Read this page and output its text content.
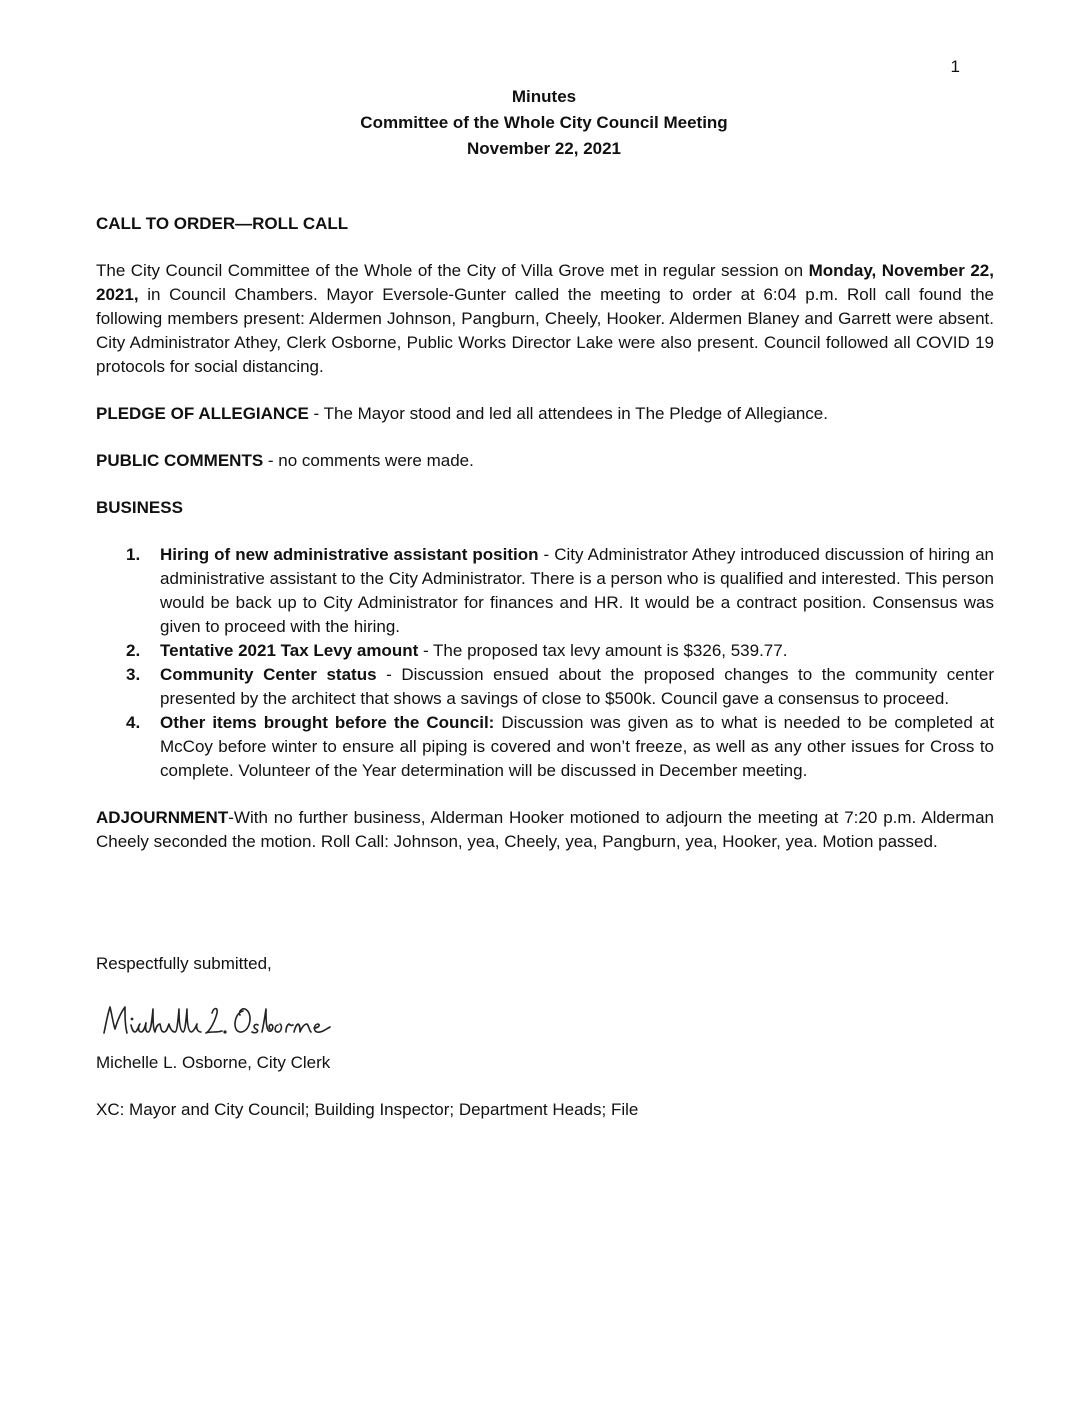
1
Minutes
Committee of the Whole City Council Meeting
November 22, 2021
CALL TO ORDER—ROLL CALL

The City Council Committee of the Whole of the City of Villa Grove met in regular session on Monday, November 22, 2021, in Council Chambers. Mayor Eversole-Gunter called the meeting to order at 6:04 p.m. Roll call found the following members present: Aldermen Johnson, Pangburn, Cheely, Hooker. Aldermen Blaney and Garrett were absent. City Administrator Athey, Clerk Osborne, Public Works Director Lake were also present. Council followed all COVID 19 protocols for social distancing.

PLEDGE OF ALLEGIANCE - The Mayor stood and led all attendees in The Pledge of Allegiance.

PUBLIC COMMENTS - no comments were made.

BUSINESS
1. Hiring of new administrative assistant position - City Administrator Athey introduced discussion of hiring an administrative assistant to the City Administrator. There is a person who is qualified and interested. This person would be back up to City Administrator for finances and HR. It would be a contract position. Consensus was given to proceed with the hiring.
2. Tentative 2021 Tax Levy amount - The proposed tax levy amount is $326, 539.77.
3. Community Center status - Discussion ensued about the proposed changes to the community center presented by the architect that shows a savings of close to $500k. Council gave a consensus to proceed.
4. Other items brought before the Council: Discussion was given as to what is needed to be completed at McCoy before winter to ensure all piping is covered and won’t freeze, as well as any other issues for Cross to complete. Volunteer of the Year determination will be discussed in December meeting.

ADJOURNMENT-With no further business, Alderman Hooker motioned to adjourn the meeting at 7:20 p.m. Alderman Cheely seconded the motion. Roll Call: Johnson, yea, Cheely, yea, Pangburn, yea, Hooker, yea. Motion passed.

Respectfully submitted,

Michelle L. Osborne, City Clerk

XC: Mayor and City Council; Building Inspector; Department Heads; File
